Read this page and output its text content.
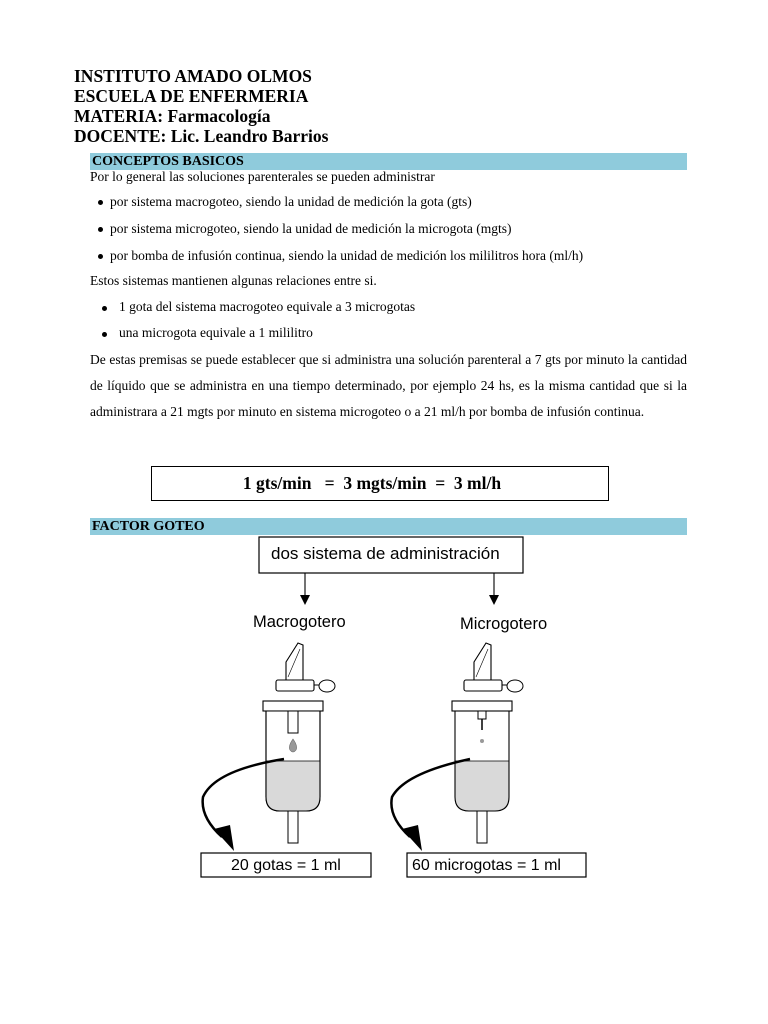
INSTITUTO AMADO OLMOS
ESCUELA DE ENFERMERIA
MATERIA: Farmacología
DOCENTE: Lic. Leandro Barrios
CONCEPTOS BASICOS
Por lo general las soluciones parenterales se pueden administrar
por sistema macrogoteo, siendo la unidad de medición la gota (gts)
por sistema microgoteo, siendo la unidad de medición la microgota (mgts)
por bomba de infusión continua, siendo la unidad de medición los mililitros hora (ml/h)
Estos sistemas mantienen algunas relaciones entre si.
1 gota del sistema macrogoteo equivale a 3 microgotas
una microgota equivale a 1 mililitro
De estas premisas se puede establecer que si administra una solución parenteral a 7 gts por minuto la cantidad de líquido que se administra en una tiempo determinado, por ejemplo 24 hs, es la misma cantidad que si la administrara a 21 mgts por minuto en sistema microgoteo o a 21 ml/h por bomba de infusión continua.
1 gts/min   =  3 mgts/min  =  3 ml/h
FACTOR GOTEO
dos sistema de administración
Macrogotero	Microgotero
20 gotas = 1 ml	60 microgotas = 1 ml
